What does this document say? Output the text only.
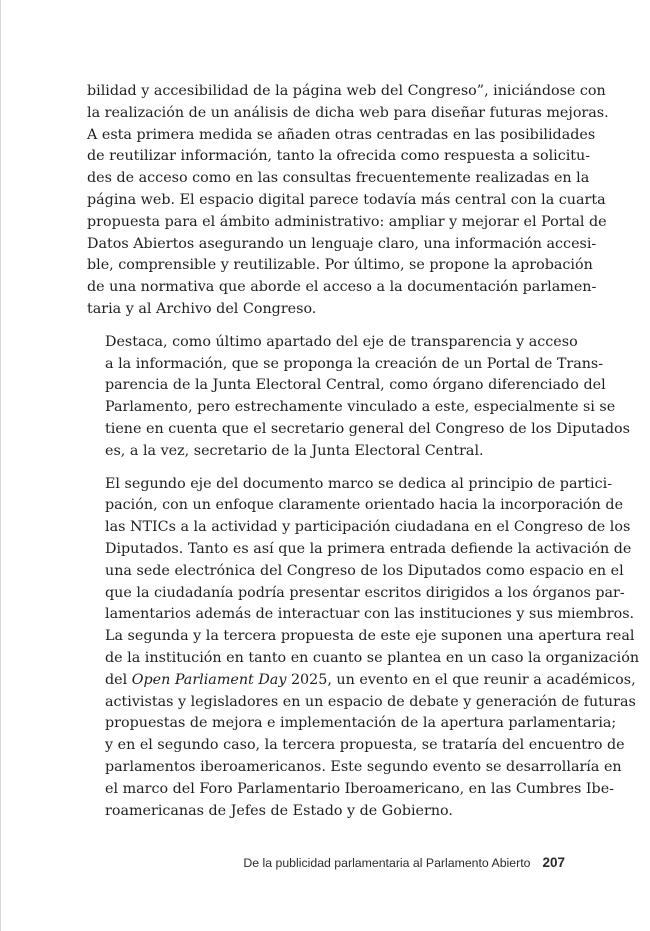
bilidad y accesibilidad de la página web del Congreso”, iniciándose con
la realización de un análisis de dicha web para diseñar futuras mejoras.
A esta primera medida se añaden otras centradas en las posibilidades
de reutilizar información, tanto la ofrecida como respuesta a solicitu-
des de acceso como en las consultas frecuentemente realizadas en la
página web. El espacio digital parece todavía más central con la cuarta
propuesta para el ámbito administrativo: ampliar y mejorar el Portal de
Datos Abiertos asegurando un lenguaje claro, una información accesi-
ble, comprensible y reutilizable. Por último, se propone la aprobación
de una normativa que aborde el acceso a la documentación parlamen-
taria y al Archivo del Congreso.

Destaca, como último apartado del eje de transparencia y acceso
a la información, que se proponga la creación de un Portal de Trans-
parencia de la Junta Electoral Central, como órgano diferenciado del
Parlamento, pero estrechamente vinculado a este, especialmente si se
tiene en cuenta que el secretario general del Congreso de los Diputados
es, a la vez, secretario de la Junta Electoral Central.

El segundo eje del documento marco se dedica al principio de partici-
pación, con un enfoque claramente orientado hacia la incorporación de
las NTICs a la actividad y participación ciudadana en el Congreso de los
Diputados. Tanto es así que la primera entrada defiende la activación de
una sede electrónica del Congreso de los Diputados como espacio en el
que la ciudadanía podría presentar escritos dirigidos a los órganos par-
lamentarios además de interactuar con las instituciones y sus miembros.
La segunda y la tercera propuesta de este eje suponen una apertura real
de la institución en tanto en cuanto se plantea en un caso la organización
del Open Parliament Day 2025, un evento en el que reunir a académicos,
activistas y legisladores en un espacio de debate y generación de futuras
propuestas de mejora e implementación de la apertura parlamentaria;
y en el segundo caso, la tercera propuesta, se trataría del encuentro de
parlamentos iberoamericanos. Este segundo evento se desarrollaría en
el marco del Foro Parlamentario Iberoamericano, en las Cumbres Ibe-
roamericanas de Jefes de Estado y de Gobierno.

De la publicidad parlamentaria al Parlamento Abierto 207
